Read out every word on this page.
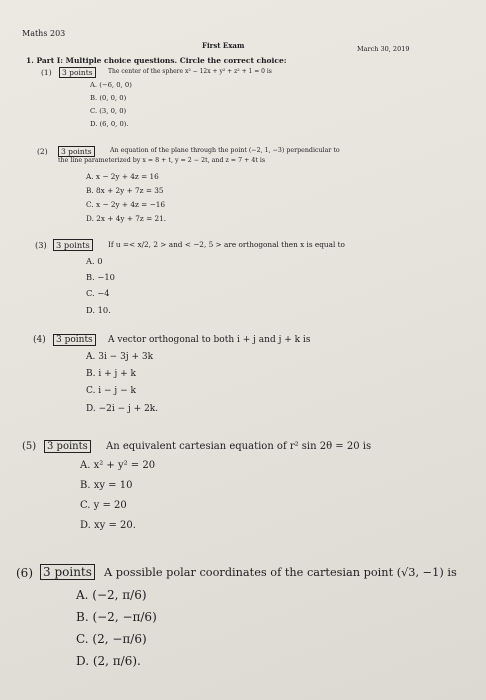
Maths 203
First Exam	March 30, 2019
1. Part I: Multiple choice questions. Circle the correct choice:
(1)	3 points	The center of the sphere x² − 12x + y² + z² + 1 = 0 is
A. (−6, 0, 0)
B. (0, 0, 0)
C. (3, 0, 0)
D. (6, 0, 0).
(2)	3 points	An equation of the plane through the point (−2, 1, −3) perpendicular to
the line parameterized by x = 8 + t, y = 2 − 2t, and z = 7 + 4t is
A. x − 2y + 4z = 16
B. 8x + 2y + 7z = 35
C. x − 2y + 4z = −16
D. 2x + 4y + 7z = 21.
(3)	3 points	If u =< x/2, 2 > and < −2, 5 > are orthogonal then x is equal to
A. 0
B. −10
C. −4
D. 10.
(4)	3 points	A vector orthogonal to both i + j and j + k is
A. 3i − 3j + 3k
B. i + j + k
C. i − j − k
D. −2i − j + 2k.
(5)	3 points	An equivalent cartesian equation of r² sin 2θ = 20 is
A. x² + y² = 20
B. xy = 10
C. y = 20
D. xy = 20.
(6) 3 points A possible polar coordinates of the cartesian point (√3, −1) is
A. (−2, π/6)
B. (−2, −π/6)
C. (2, −π/6)
D. (2, π/6).
